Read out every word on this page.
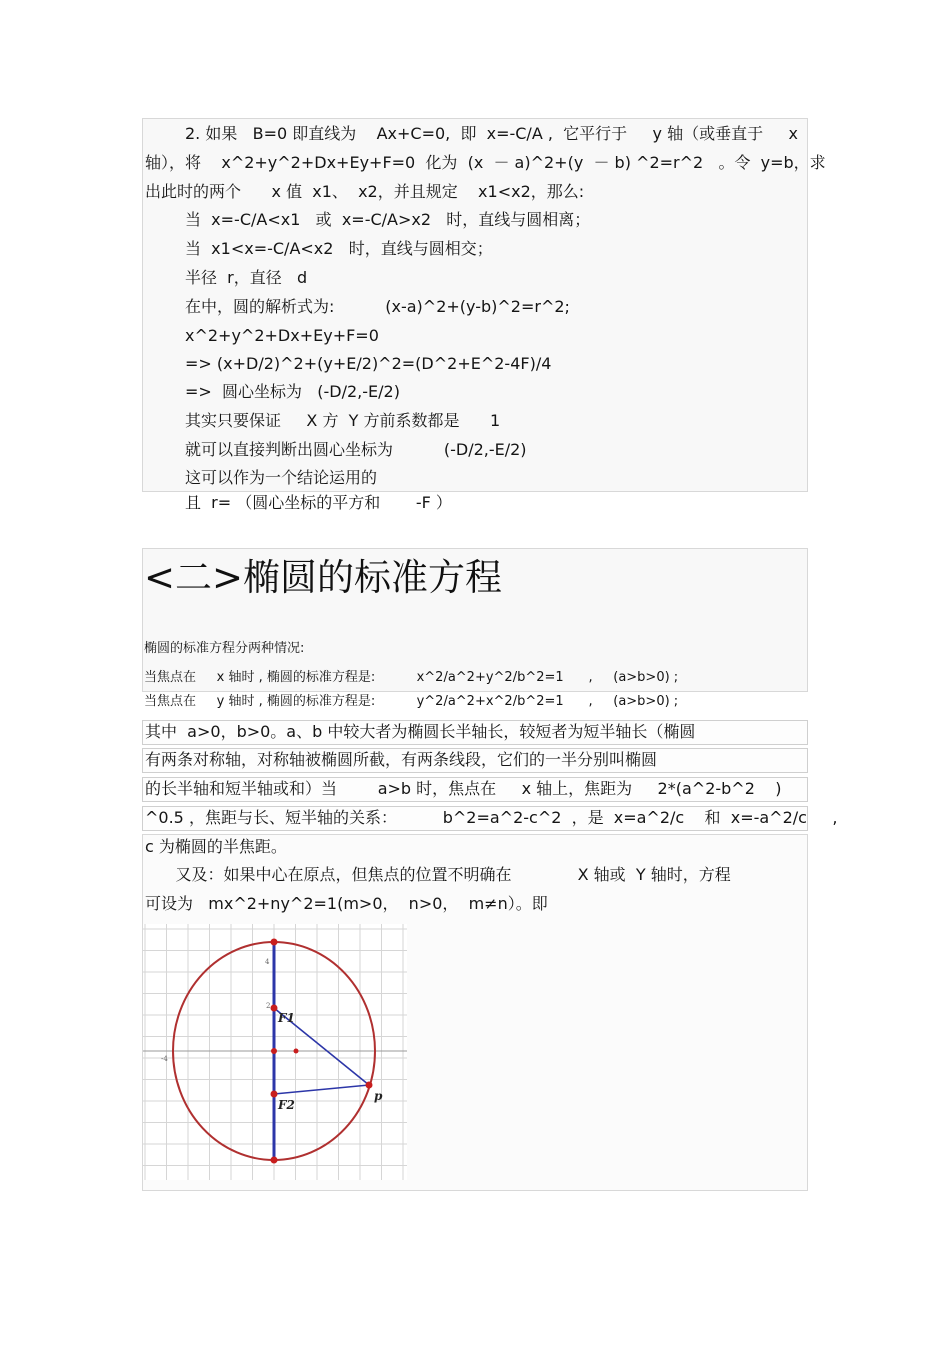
2. 如果   B=0 即直线为    Ax+C=0,  即  x=-C/A ,  它平行于     y 轴（或垂直于     x
轴），将    x^2+y^2+Dx+Ey+F=0  化为  (x  － a)^2+(y  － b) ^2=r^2   。令  y=b，求
出此时的两个      x 值  x1、  x2，并且规定    x1<x2，那么:
当  x=-C/A<x1   或  x=-C/A>x2   时，直线与圆相离；
当  x1<x=-C/A<x2   时，直线与圆相交；
半径  r，直径   d
在中，圆的解析式为:          (x-a)^2+(y-b)^2=r^2;
x^2+y^2+Dx+Ey+F=0
=> (x+D/2)^2+(y+E/2)^2=(D^2+E^2-4F)/4
=>  圆心坐标为   (-D/2,-E/2)
其实只要保证     X 方  Y 方前系数都是      1
就可以直接判断出圆心坐标为          (-D/2,-E/2)
这可以作为一个结论运用的
且  r= （圆心坐标的平方和       -F ）
<二>椭圆的标准方程
椭圆的标准方程分两种情况:
当焦点在     x 轴时 , 椭圆的标准方程是:          x^2/a^2+y^2/b^2=1      ,     (a>b>0) ;
当焦点在     y 轴时 , 椭圆的标准方程是:          y^2/a^2+x^2/b^2=1      ,     (a>b>0) ;
其中  a>0，b>0。a、b 中较大者为椭圆长半轴长，较短者为短半轴长（椭圆
有两条对称轴，对称轴被椭圆所截，有两条线段，它们的一半分别叫椭圆
的长半轴和短半轴或和）当        a>b 时，焦点在     x 轴上，焦距为     2*(a^2-b^2    )
^0.5 ，焦距与长、短半轴的关系：         b^2=a^2-c^2  ，是  x=a^2/c    和  x=-a^2/c     ,
c 为椭圆的半焦距。
又及：如果中心在原点，但焦点的位置不明确在             X 轴或  Y 轴时，方程
可设为   mx^2+ny^2=1(m>0，  n>0，  m≠n）。即
F1
F2
p
4
2
-4
